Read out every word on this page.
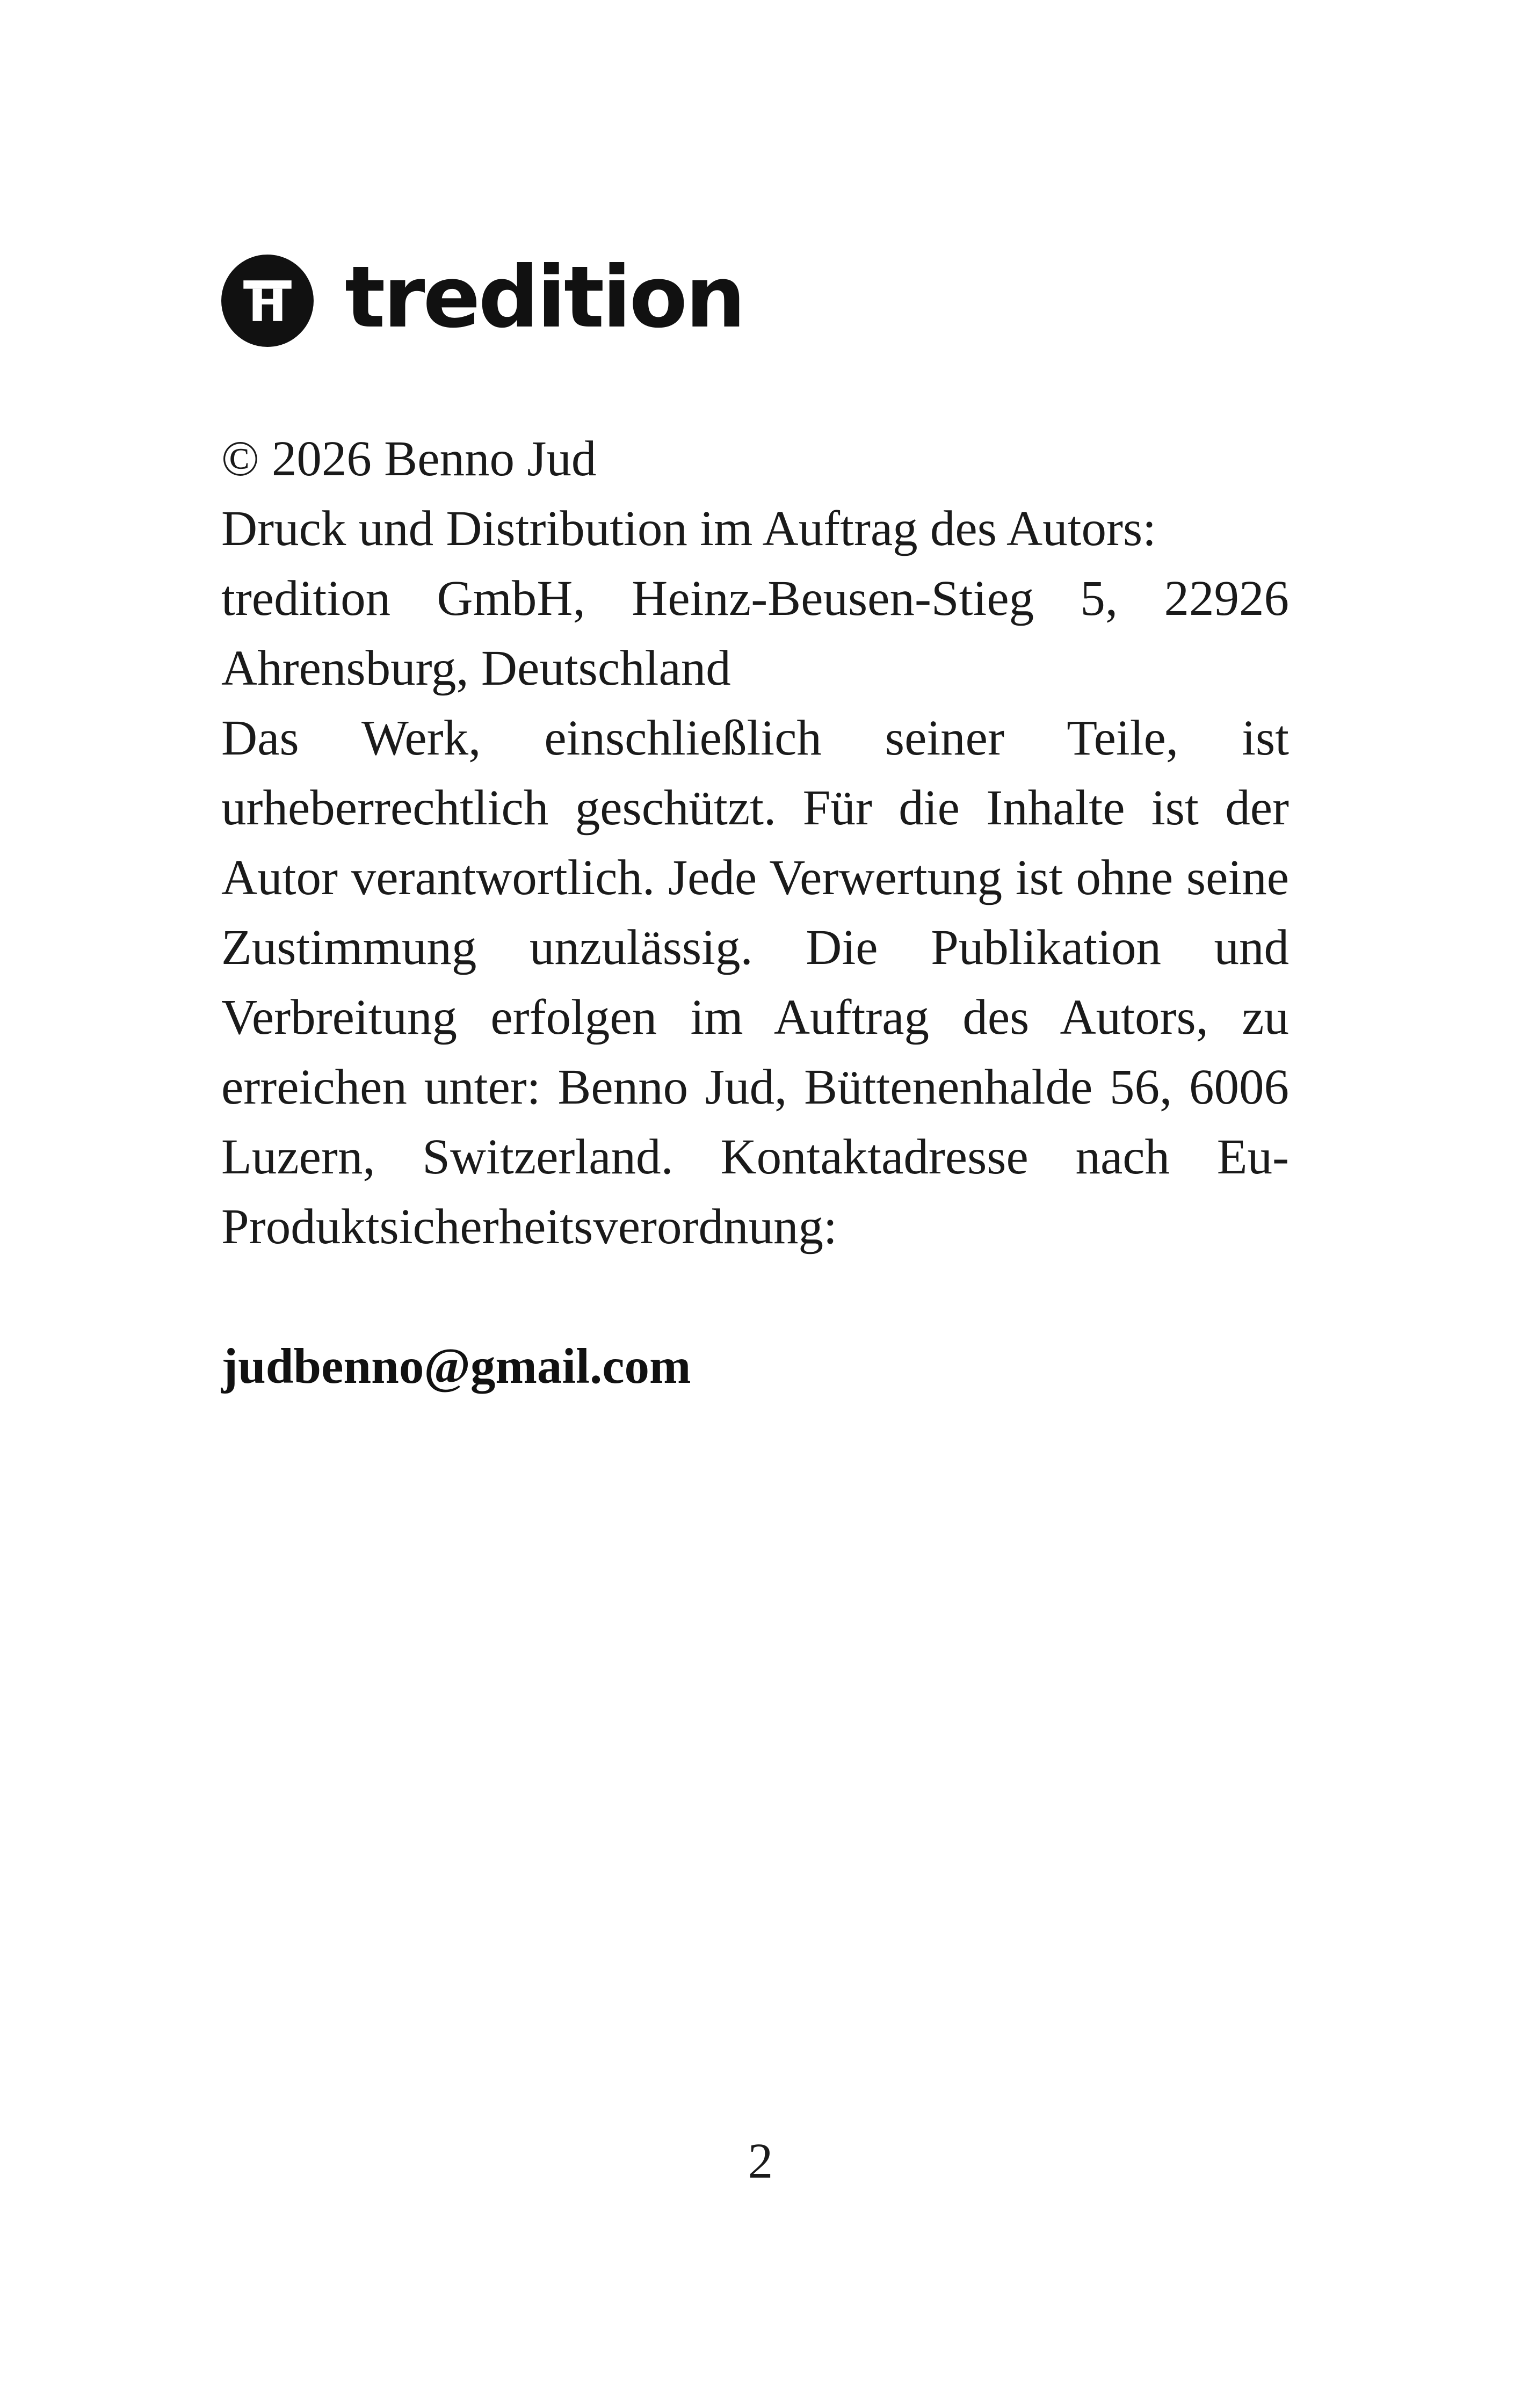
tredition

© 2026 Benno Jud

Druck und Distribution im Auftrag des Autors:

tredition GmbH, Heinz-Beusen-Stieg 5, 22926 Ahrensburg, Deutschland

Das Werk, einschließlich seiner Teile, ist urheberrechtlich geschützt. Für die Inhalte ist der Autor verantwortlich. Jede Verwertung ist ohne seine Zustimmung unzulässig. Die Publikation und Verbreitung erfolgen im Auftrag des Autors, zu erreichen unter: Benno Jud, Büttenenhalde 56, 6006 Luzern, Switzerland. Kontaktadresse nach Eu-Produktsicherheitsverordnung:

judbenno@gmail.com

2
